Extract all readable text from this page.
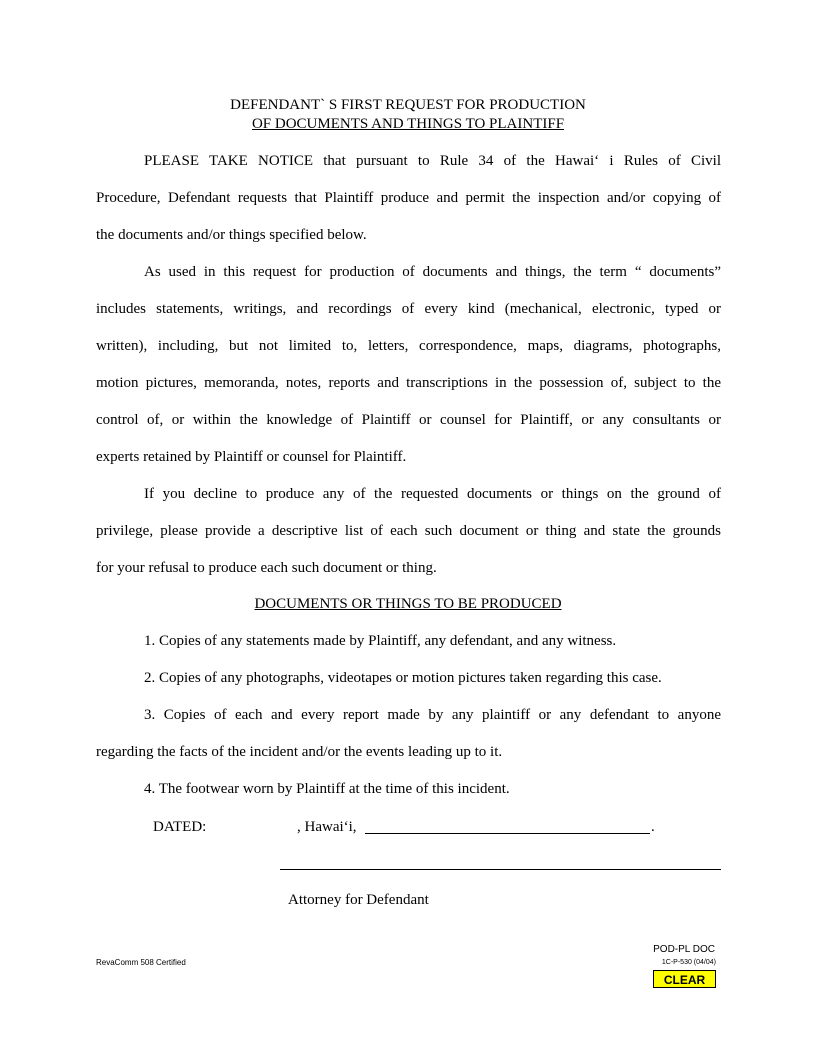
DEFENDANT` S FIRST REQUEST FOR PRODUCTION
OF DOCUMENTS AND THINGS TO PLAINTIFF
PLEASE TAKE NOTICE that pursuant to Rule 34 of the Hawai‘ i Rules of Civil
Procedure, Defendant requests that Plaintiff produce and permit the inspection and/or copying of
the documents and/or things specified below.
As used in this request for production of documents and things, the term “ documents”
includes statements, writings, and recordings of every kind (mechanical, electronic, typed or
written), including, but not limited to, letters, correspondence, maps, diagrams, photographs,
motion pictures, memoranda, notes, reports and transcriptions in the possession of, subject to the
control of, or within the knowledge of Plaintiff or counsel for Plaintiff, or any consultants or
experts retained by Plaintiff or counsel for Plaintiff.
If you decline to produce any of the requested documents or things on the ground of
privilege, please provide a descriptive list of each such document or thing and state the grounds
for your refusal to produce each such document or thing.
DOCUMENTS OR THINGS TO BE PRODUCED
1. Copies of any statements made by Plaintiff, any defendant, and any witness.
2. Copies of any photographs, videotapes or motion pictures taken regarding this case.
3. Copies of each and every report made by any plaintiff or any defendant to anyone
regarding the facts of the incident and/or the events leading up to it.
4. The footwear worn by Plaintiff at the time of this incident.
DATED:	, Hawai‘i,	.
Attorney for Defendant
POD-PL DOC
1C-P-530 (04/04)
RevaComm 508 Certified
CLEAR
